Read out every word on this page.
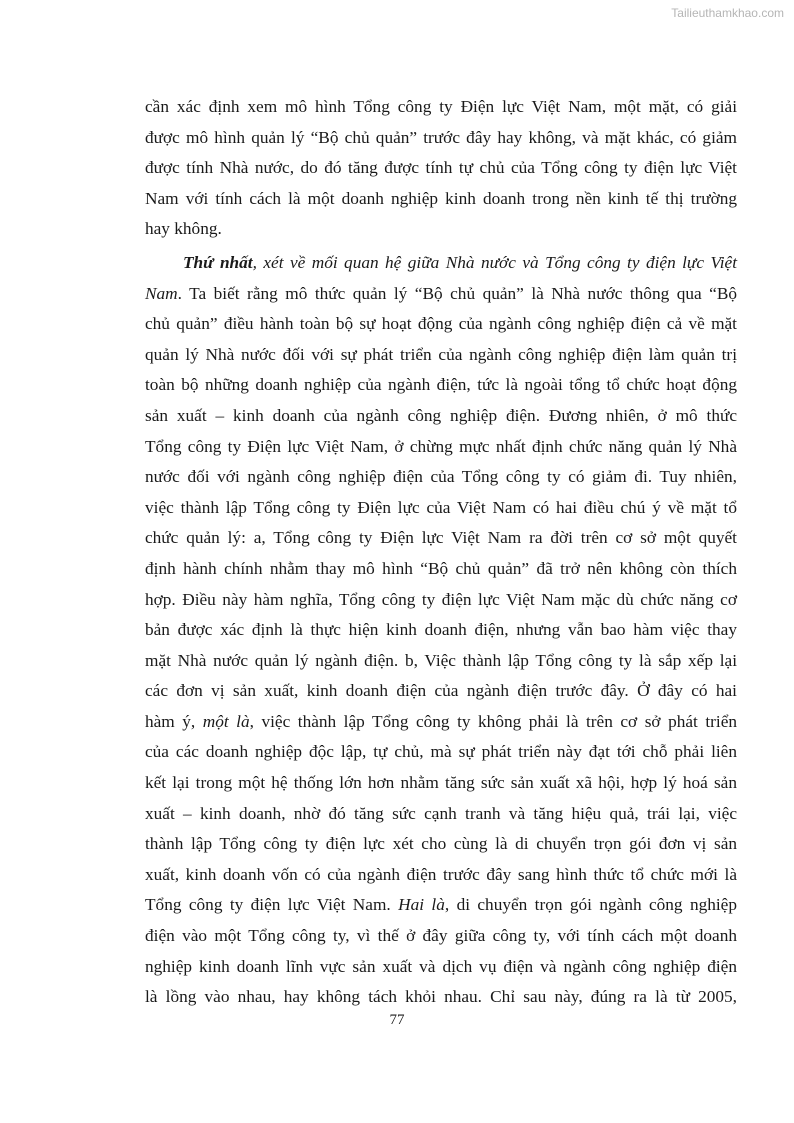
Tailieuthamkhao.com
cần xác định xem mô hình Tổng công ty Điện lực Việt Nam, một mặt, có giải
được mô hình quản lý “Bộ chủ quản” trước đây hay không, và mặt khác, có giảm
được tính Nhà nước, do đó tăng được tính tự chủ của Tổng công ty điện lực Việt
Nam với tính cách là một doanh nghiệp kinh doanh trong nền kinh tế thị trường
hay không.
Thứ nhất, xét về mối quan hệ giữa Nhà nước và Tổng công ty điện lực Việt
Nam. Ta biết rằng mô thức quản lý “Bộ chủ quản” là Nhà nước thông qua “Bộ
chủ quản” điều hành toàn bộ sự hoạt động của ngành công nghiệp điện cả về mặt
quản lý Nhà nước đối với sự phát triển của ngành công nghiệp điện làm quản trị
toàn bộ những doanh nghiệp của ngành điện, tức là ngoài tổng tổ chức hoạt động
sản xuất – kinh doanh của ngành công nghiệp điện. Đương nhiên, ở mô thức
Tổng công ty Điện lực Việt Nam, ở chừng mực nhất định chức năng quản lý Nhà
nước đối với ngành công nghiệp điện của Tổng công ty có giảm đi. Tuy nhiên,
việc thành lập Tổng công ty Điện lực của Việt Nam có hai điều chú ý về mặt tổ
chức quản lý: a, Tổng công ty Điện lực Việt Nam ra đời trên cơ sở một quyết
định hành chính nhằm thay mô hình “Bộ chủ quản” đã trở nên không còn thích
hợp. Điều này hàm nghĩa, Tổng công ty điện lực Việt Nam mặc dù chức năng cơ
bản được xác định là thực hiện kinh doanh điện, nhưng vẫn bao hàm việc thay
mặt Nhà nước quản lý ngành điện. b, Việc thành lập Tổng công ty là sắp xếp lại
các đơn vị sản xuất, kinh doanh điện của ngành điện trước đây. Ở đây có hai
hàm ý, một là, việc thành lập Tổng công ty không phải là trên cơ sở phát triển
của các doanh nghiệp độc lập, tự chủ, mà sự phát triển này đạt tới chỗ phải liên
kết lại trong một hệ thống lớn hơn nhằm tăng sức sản xuất xã hội, hợp lý hoá sản
xuất – kinh doanh, nhờ đó tăng sức cạnh tranh và tăng hiệu quả, trái lại, việc
thành lập Tổng công ty điện lực xét cho cùng là di chuyển trọn gói đơn vị sản
xuất, kinh doanh vốn có của ngành điện trước đây sang hình thức tổ chức mới là
Tổng công ty điện lực Việt Nam. Hai là, di chuyển trọn gói ngành công nghiệp
điện vào một Tổng công ty, vì thế ở đây giữa công ty, với tính cách một doanh
nghiệp kinh doanh lĩnh vực sản xuất và dịch vụ điện và ngành công nghiệp điện
là lồng vào nhau, hay không tách khỏi nhau. Chỉ sau này, đúng ra là từ 2005,
77
